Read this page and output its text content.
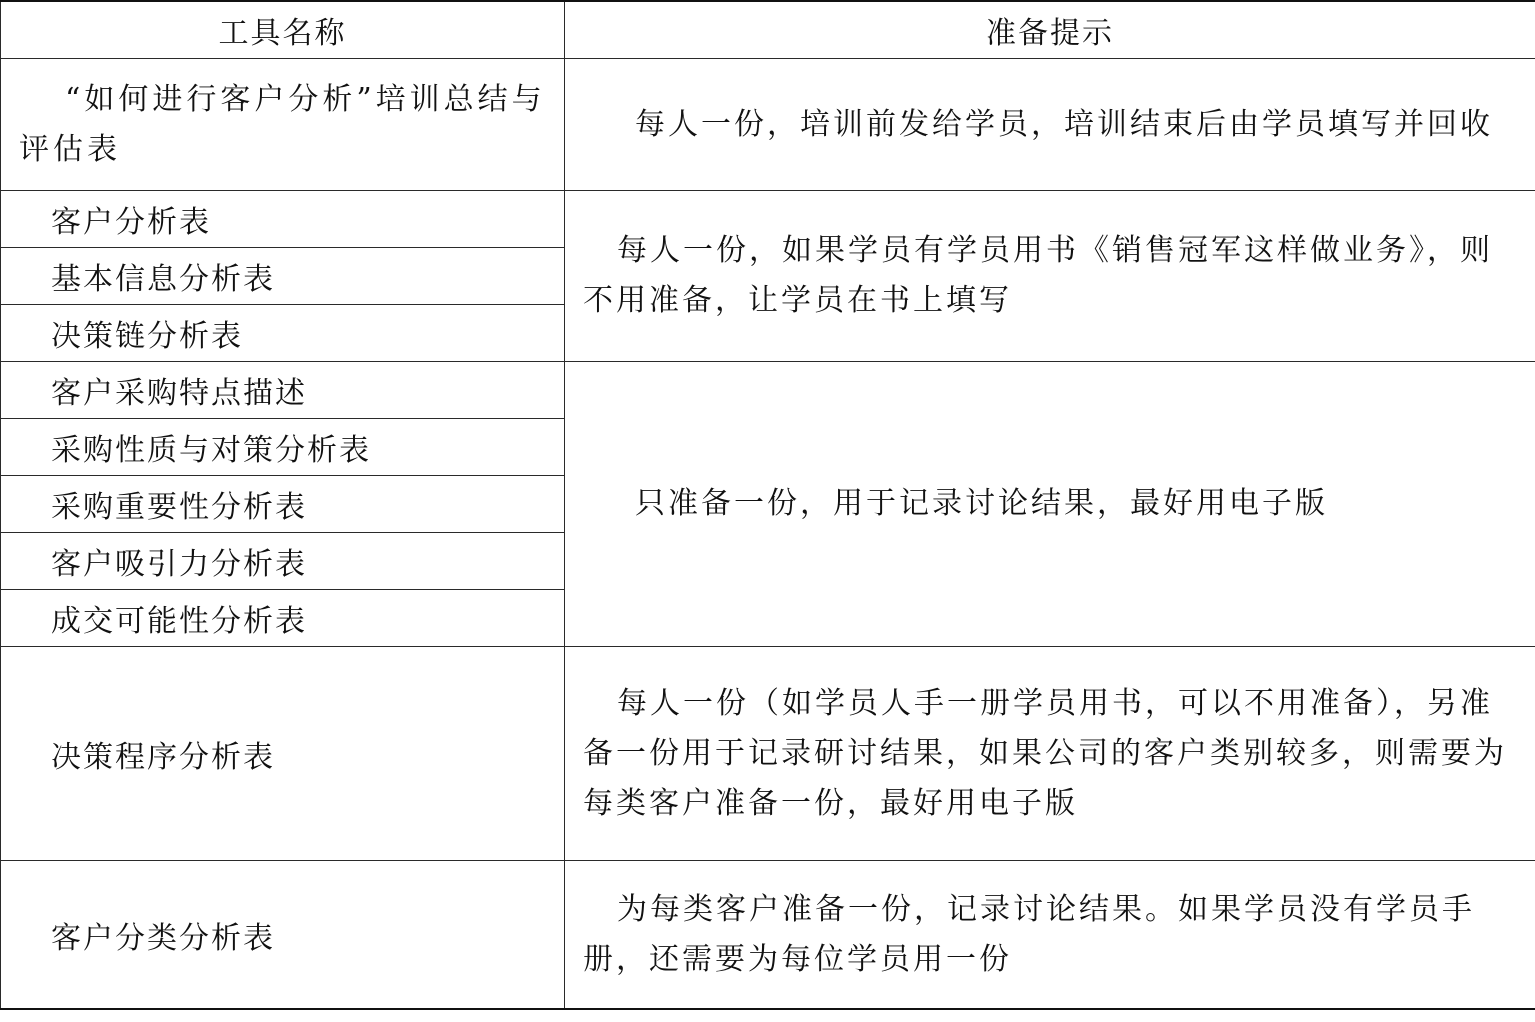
工具名称	准备提示
“如何进行客户分析”培训总结与评估表	每人一份，培训前发给学员，培训结束后由学员填写并回收
客户分析表	每人一份，如果学员有学员用书《销售冠军这样做业务》，则不用准备，让学员在书上填写
基本信息分析表	
决策链分析表	
客户采购特点描述	只准备一份，用于记录讨论结果，最好用电子版
采购性质与对策分析表	
采购重要性分析表	
客户吸引力分析表	
成交可能性分析表	
决策程序分析表	每人一份（如学员人手一册学员用书，可以不用准备），另准备一份用于记录研讨结果，如果公司的客户类别较多，则需要为每类客户准备一份，最好用电子版
客户分类分析表	为每类客户准备一份，记录讨论结果。如果学员没有学员手册，还需要为每位学员用一份
